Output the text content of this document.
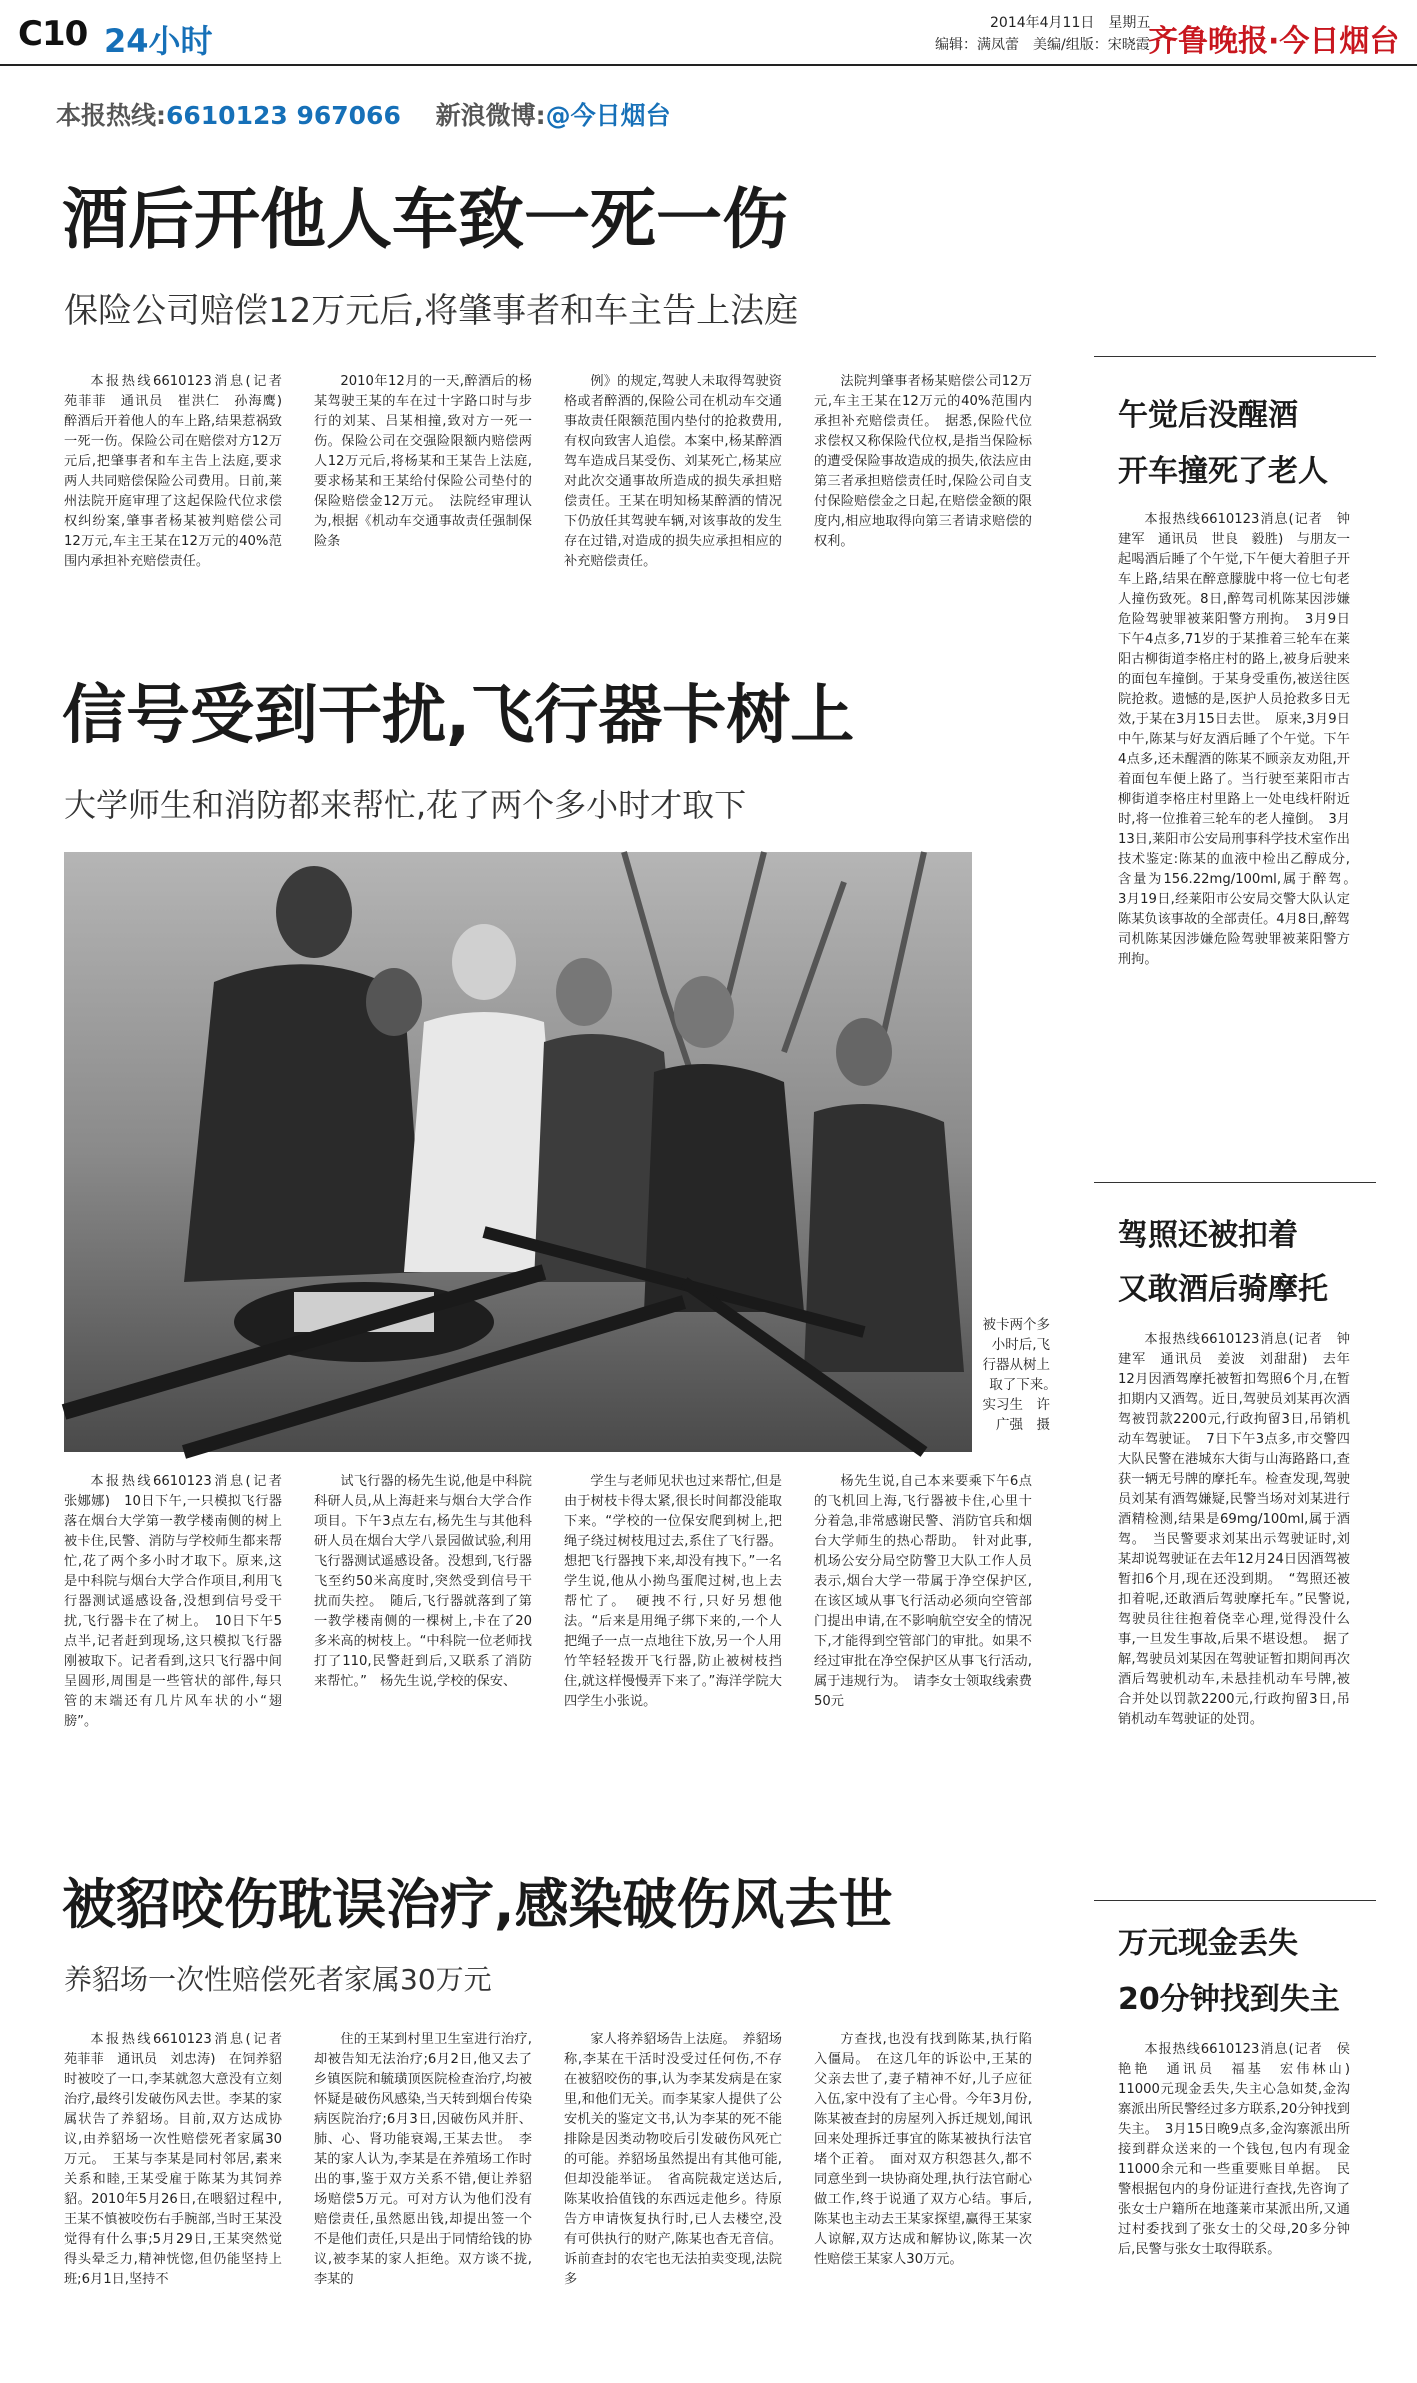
C10 24小时	2014年4月11日　星期五
编辑：满凤蕾　美编/组版：宋晓霞
齐鲁晚报·今日烟台
本报热线:6610123 967066 新浪微博:@今日烟台
酒后开他人车致一死一伤
保险公司赔偿12万元后,将肇事者和车主告上法庭

本报热线6610123消息(记者　苑菲菲　通讯员　崔洪仁　孙海鹰)　醉酒后开着他人的车上路,结果惹祸致一死一伤。保险公司在赔偿对方12万元后,把肇事者和车主告上法庭,要求两人共同赔偿保险公司费用。日前,莱州法院开庭审理了这起保险代位求偿权纠纷案,肇事者杨某被判赔偿公司12万元,车主王某在12万元的40%范围内承担补充赔偿责任。

2010年12月的一天,醉酒后的杨某驾驶王某的车在过十字路口时与步行的刘某、吕某相撞,致对方一死一伤。保险公司在交强险限额内赔偿两人12万元后,将杨某和王某告上法庭,要求杨某和王某给付保险公司垫付的保险赔偿金12万元。　法院经审理认为,根据《机动车交通事故责任强制保险条

例》的规定,驾驶人未取得驾驶资格或者醉酒的,保险公司在机动车交通事故责任限额范围内垫付的抢救费用,有权向致害人追偿。本案中,杨某醉酒驾车造成吕某受伤、刘某死亡,杨某应对此次交通事故所造成的损失承担赔偿责任。王某在明知杨某醉酒的情况下仍放任其驾驶车辆,对该事故的发生存在过错,对造成的损失应承担相应的补充赔偿责任。

法院判肇事者杨某赔偿公司12万元,车主王某在12万元的40%范围内承担补充赔偿责任。　据悉,保险代位求偿权又称保险代位权,是指当保险标的遭受保险事故造成的损失,依法应由第三者承担赔偿责任时,保险公司自支付保险赔偿金之日起,在赔偿金额的限度内,相应地取得向第三者请求赔偿的权利。

信号受到干扰,飞行器卡树上
大学师生和消防都来帮忙,花了两个多小时才取下
被卡两个多小时后,飞行器从树上取了下来。　实习生　许广强　摄

本报热线6610123消息(记者　张娜娜)　10日下午,一只模拟飞行器落在烟台大学第一教学楼南侧的树上被卡住,民警、消防与学校师生都来帮忙,花了两个多小时才取下。原来,这是中科院与烟台大学合作项目,利用飞行器测试遥感设备,没想到信号受干扰,飞行器卡在了树上。　10日下午5点半,记者赶到现场,这只模拟飞行器刚被取下。记者看到,这只飞行器中间呈圆形,周围是一些管状的部件,每只管的末端还有几片风车状的小“翅膀”。

试飞行器的杨先生说,他是中科院科研人员,从上海赶来与烟台大学合作项目。下午3点左右,杨先生与其他科研人员在烟台大学八景园做试验,利用飞行器测试遥感设备。没想到,飞行器飞至约50米高度时,突然受到信号干扰而失控。　随后,飞行器就落到了第一教学楼南侧的一棵树上,卡在了20多米高的树枝上。“中科院一位老师找打了110,民警赶到后,又联系了消防来帮忙。”　杨先生说,学校的保安、

学生与老师见状也过来帮忙,但是由于树枝卡得太紧,很长时间都没能取下来。“学校的一位保安爬到树上,把绳子绕过树枝甩过去,系住了飞行器。想把飞行器拽下来,却没有拽下。”一名学生说,他从小拗鸟蛋爬过树,也上去帮忙了。　硬拽不行,只好另想他法。“后来是用绳子绑下来的,一个人把绳子一点一点地往下放,另一个人用竹竿轻轻拨开飞行器,防止被树枝挡住,就这样慢慢弄下来了。”海洋学院大四学生小张说。

杨先生说,自己本来要乘下午6点的飞机回上海,飞行器被卡住,心里十分着急,非常感谢民警、消防官兵和烟台大学师生的热心帮助。　针对此事,机场公安分局空防警卫大队工作人员表示,烟台大学一带属于净空保护区,在该区域从事飞行活动必须向空管部门提出申请,在不影响航空安全的情况下,才能得到空管部门的审批。如果不经过审批在净空保护区从事飞行活动,属于违规行为。　请李女士领取线索费50元

被貂咬伤耽误治疗,感染破伤风去世
养貂场一次性赔偿死者家属30万元

本报热线6610123消息(记者　苑菲菲　通讯员　刘忠涛)　在饲养貂时被咬了一口,李某就忽大意没有立刻治疗,最终引发破伤风去世。李某的家属状告了养貂场。目前,双方达成协议,由养貂场一次性赔偿死者家属30万元。　王某与李某是同村邻居,素来关系和睦,王某受雇于陈某为其饲养貂。2010年5月26日,在喂貂过程中,王某不慎被咬伤右手腕部,当时王某没觉得有什么事;5月29日,王某突然觉得头晕乏力,精神恍惚,但仍能坚持上班;6月1日,坚持不

住的王某到村里卫生室进行治疗,却被告知无法治疗;6月2日,他又去了乡镇医院和毓璜顶医院检查治疗,均被怀疑是破伤风感染,当天转到烟台传染病医院治疗;6月3日,因破伤风并肝、肺、心、肾功能衰竭,王某去世。　李某的家人认为,李某是在养殖场工作时出的事,鉴于双方关系不错,便让养貂场赔偿5万元。可对方认为他们没有赔偿责任,虽然愿出钱,却提出签一个不是他们责任,只是出于同情给钱的协议,被李某的家人拒绝。双方谈不拢,李某的

家人将养貂场告上法庭。　养貂场称,李某在干活时没受过任何伤,不存在被貂咬伤的事,认为李某发病是在家里,和他们无关。而李某家人提供了公安机关的鉴定文书,认为李某的死不能排除是因类动物咬后引发破伤风死亡的可能。养貂场虽然提出有其他可能,但却没能举证。　省高院裁定送达后,陈某收拾值钱的东西远走他乡。待原告方申请恢复执行时,已人去楼空,没有可供执行的财产,陈某也杳无音信。诉前查封的农宅也无法拍卖变现,法院多

方查找,也没有找到陈某,执行陷入僵局。　在这几年的诉讼中,王某的父亲去世了,妻子精神不好,儿子应征入伍,家中没有了主心骨。今年3月份,陈某被查封的房屋列入拆迁规划,闻讯回来处理拆迁事宜的陈某被执行法官堵个正着。　面对双方积怨甚久,都不同意坐到一块协商处理,执行法官耐心做工作,终于说通了双方心结。事后,陈某也主动去王某家探望,赢得王某家人谅解,双方达成和解协议,陈某一次性赔偿王某家人30万元。

午觉后没醒酒
开车撞死了老人

本报热线6610123消息(记者　钟建军　通讯员　世良　毅胜)　与朋友一起喝酒后睡了个午觉,下午便大着胆子开车上路,结果在醉意朦胧中将一位七旬老人撞伤致死。8日,醉驾司机陈某因涉嫌危险驾驶罪被莱阳警方刑拘。　3月9日下午4点多,71岁的于某推着三轮车在莱阳古柳街道李格庄村的路上,被身后驶来的面包车撞倒。于某身受重伤,被送往医院抢救。遗憾的是,医护人员抢救多日无效,于某在3月15日去世。　原来,3月9日中午,陈某与好友酒后睡了个午觉。下午4点多,还未醒酒的陈某不顾亲友劝阻,开着面包车便上路了。当行驶至莱阳市古柳街道李格庄村里路上一处电线杆附近时,将一位推着三轮车的老人撞倒。　3月13日,莱阳市公安局刑事科学技术室作出技术鉴定:陈某的血液中检出乙醇成分,含量为156.22mg/100ml,属于醉驾。　3月19日,经莱阳市公安局交警大队认定陈某负该事故的全部责任。4月8日,醉驾司机陈某因涉嫌危险驾驶罪被莱阳警方刑拘。

驾照还被扣着
又敢酒后骑摩托

本报热线6610123消息(记者　钟建军　通讯员　姜波　刘甜甜)　去年12月因酒驾摩托被暂扣驾照6个月,在暂扣期内又酒驾。近日,驾驶员刘某再次酒驾被罚款2200元,行政拘留3日,吊销机动车驾驶证。　7日下午3点多,市交警四大队民警在港城东大街与山海路路口,查获一辆无号牌的摩托车。检查发现,驾驶员刘某有酒驾嫌疑,民警当场对刘某进行酒精检测,结果是69mg/100ml,属于酒驾。　当民警要求刘某出示驾驶证时,刘某却说驾驶证在去年12月24日因酒驾被暂扣6个月,现在还没到期。　“驾照还被扣着呢,还敢酒后驾驶摩托车。”民警说,驾驶员往往抱着侥幸心理,觉得没什么事,一旦发生事故,后果不堪设想。　据了解,驾驶员刘某因在驾驶证暂扣期间再次酒后驾驶机动车,未悬挂机动车号牌,被合并处以罚款2200元,行政拘留3日,吊销机动车驾驶证的处罚。

万元现金丢失
20分钟找到失主

本报热线6610123消息(记者　侯艳艳　通讯员　福基　宏伟林山)　11000元现金丢失,失主心急如焚,金沟寨派出所民警经过多方联系,20分钟找到失主。　3月15日晚9点多,金沟寨派出所接到群众送来的一个钱包,包内有现金11000余元和一些重要账目单据。　民警根据包内的身份证进行查找,先咨询了张女士户籍所在地蓬莱市某派出所,又通过村委找到了张女士的父母,20多分钟后,民警与张女士取得联系。
